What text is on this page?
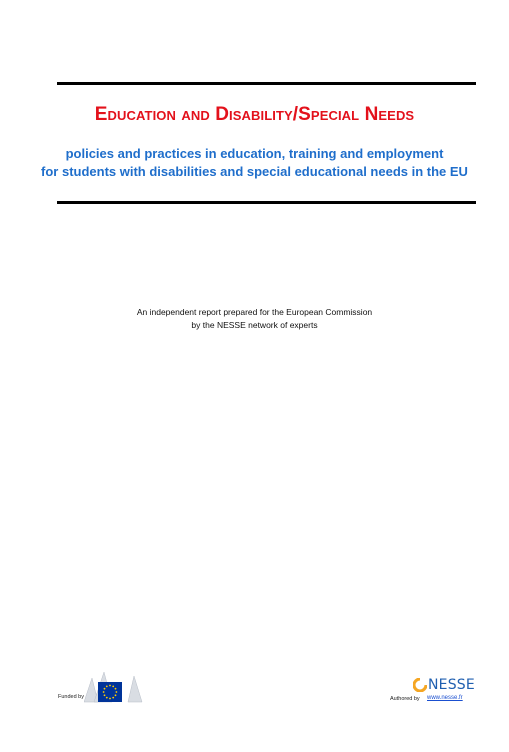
Education and Disability/Special Needs
policies and practices in education, training and employment
for students with disabilities and special educational needs in the EU
An independent report prepared for the European Commission
by the NESSE network of experts
Funded by	Authored by
NESSE
www.nesse.fr
